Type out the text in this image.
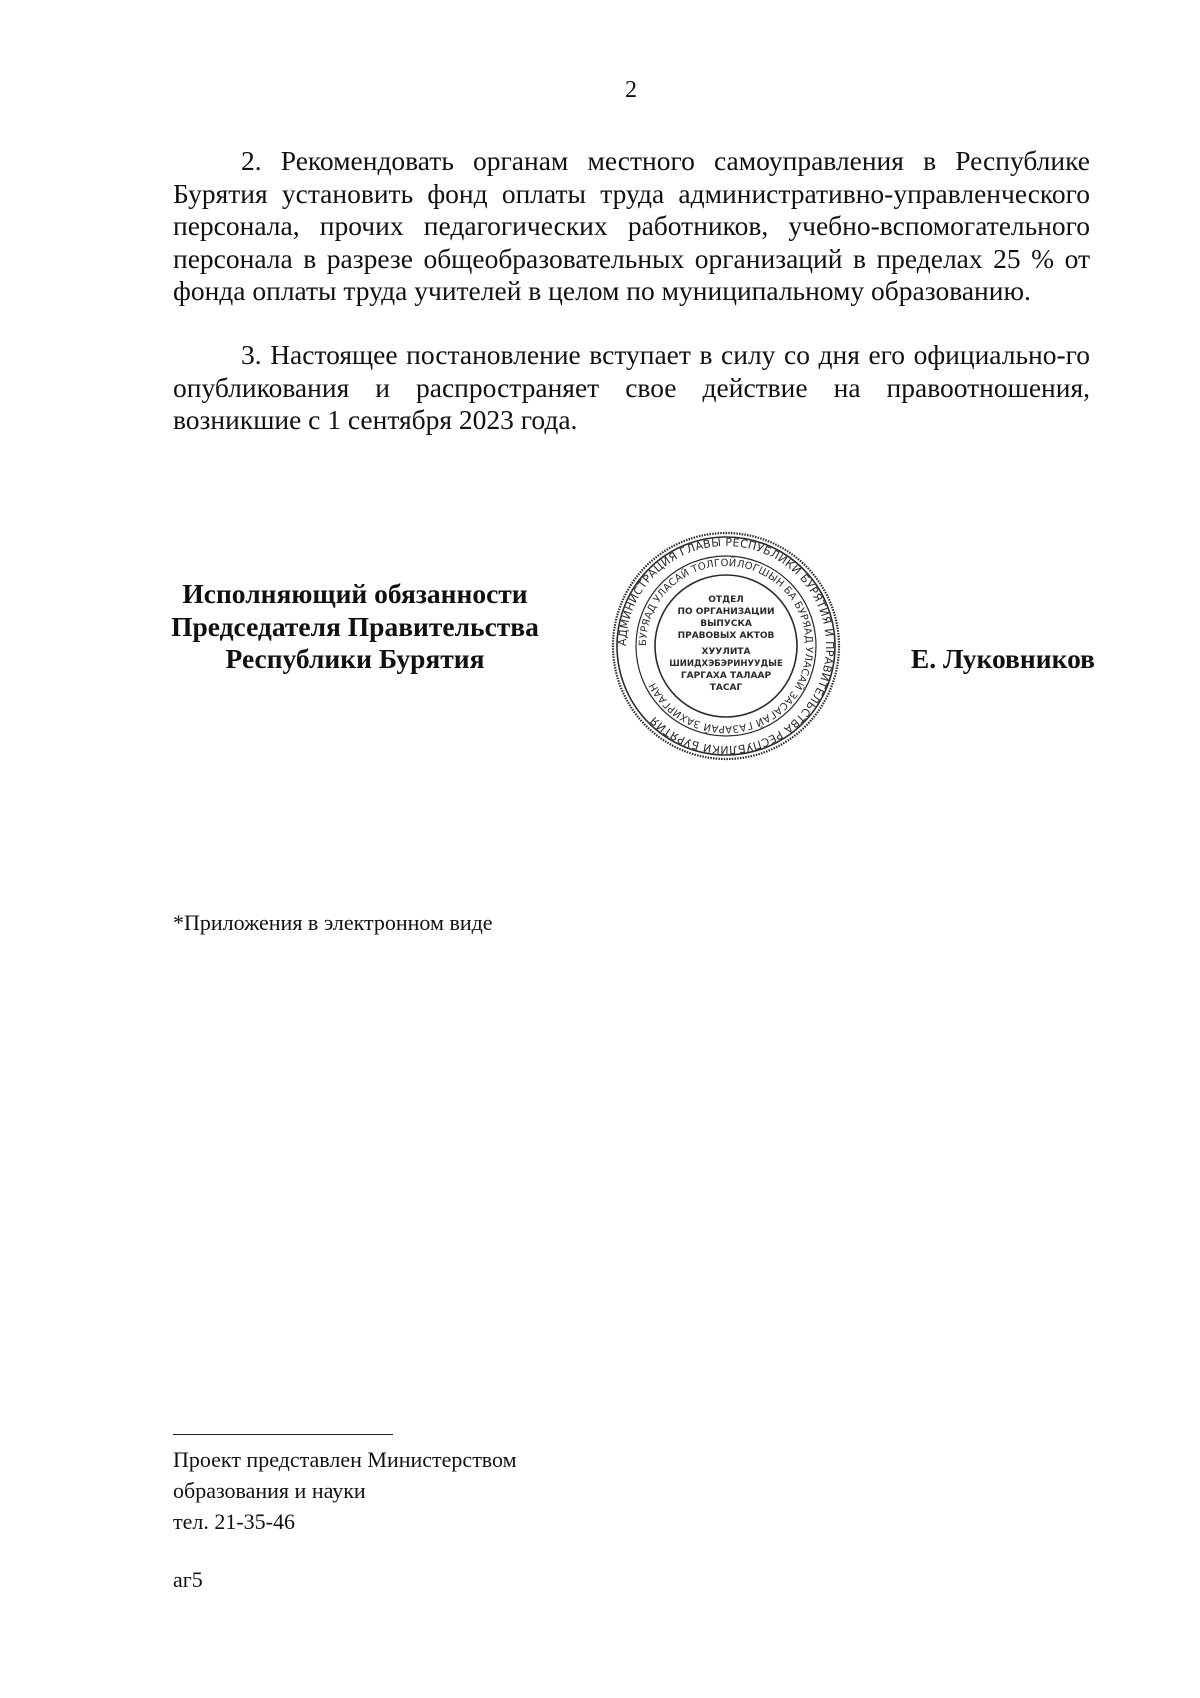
2

2. Рекомендовать органам местного самоуправления в Республике Бурятия установить фонд оплаты труда административно-управленческого персонала, прочих педагогических работников, учебно-вспомогательного персонала в разрезе общеобразовательных организаций в пределах 25 % от фонда оплаты труда учителей в целом по муниципальному образованию.

3. Настоящее постановление вступает в силу со дня его официально-го опубликования и распространяет свое действие на правоотношения, возникшие с 1 сентября 2023 года.

Исполняющий обязанности
Председателя Правительства
Республики Бурятия
АДМИНИСТРАЦИЯ ГЛАВЫ РЕСПУБЛИКИ БУРЯТИЯ И ПРАВИТЕЛЬСТВА РЕСПУБЛИКИ БУРЯТИЯ
БУРЯАД УЛАСАЙ ТОЛГОЙЛОГШЫН БА БУРЯАД УЛАСАЙ ЗАСАГАЙ ГАЗАРАЙ ЗАХИРГААН
ОТДЕЛ
ПО ОРГАНИЗАЦИИ
ВЫПУСКА
ПРАВОВЫХ АКТОВ
ХУУЛИТА
ШИИДХЭБЭРИНУУДЫЕ
ГАРГАХА ТАЛААР
ТАСАГ
Е. Луковников
*Приложения в электронном виде
Проект представлен Министерством
образования и науки
тел. 21-35-46
аг5
